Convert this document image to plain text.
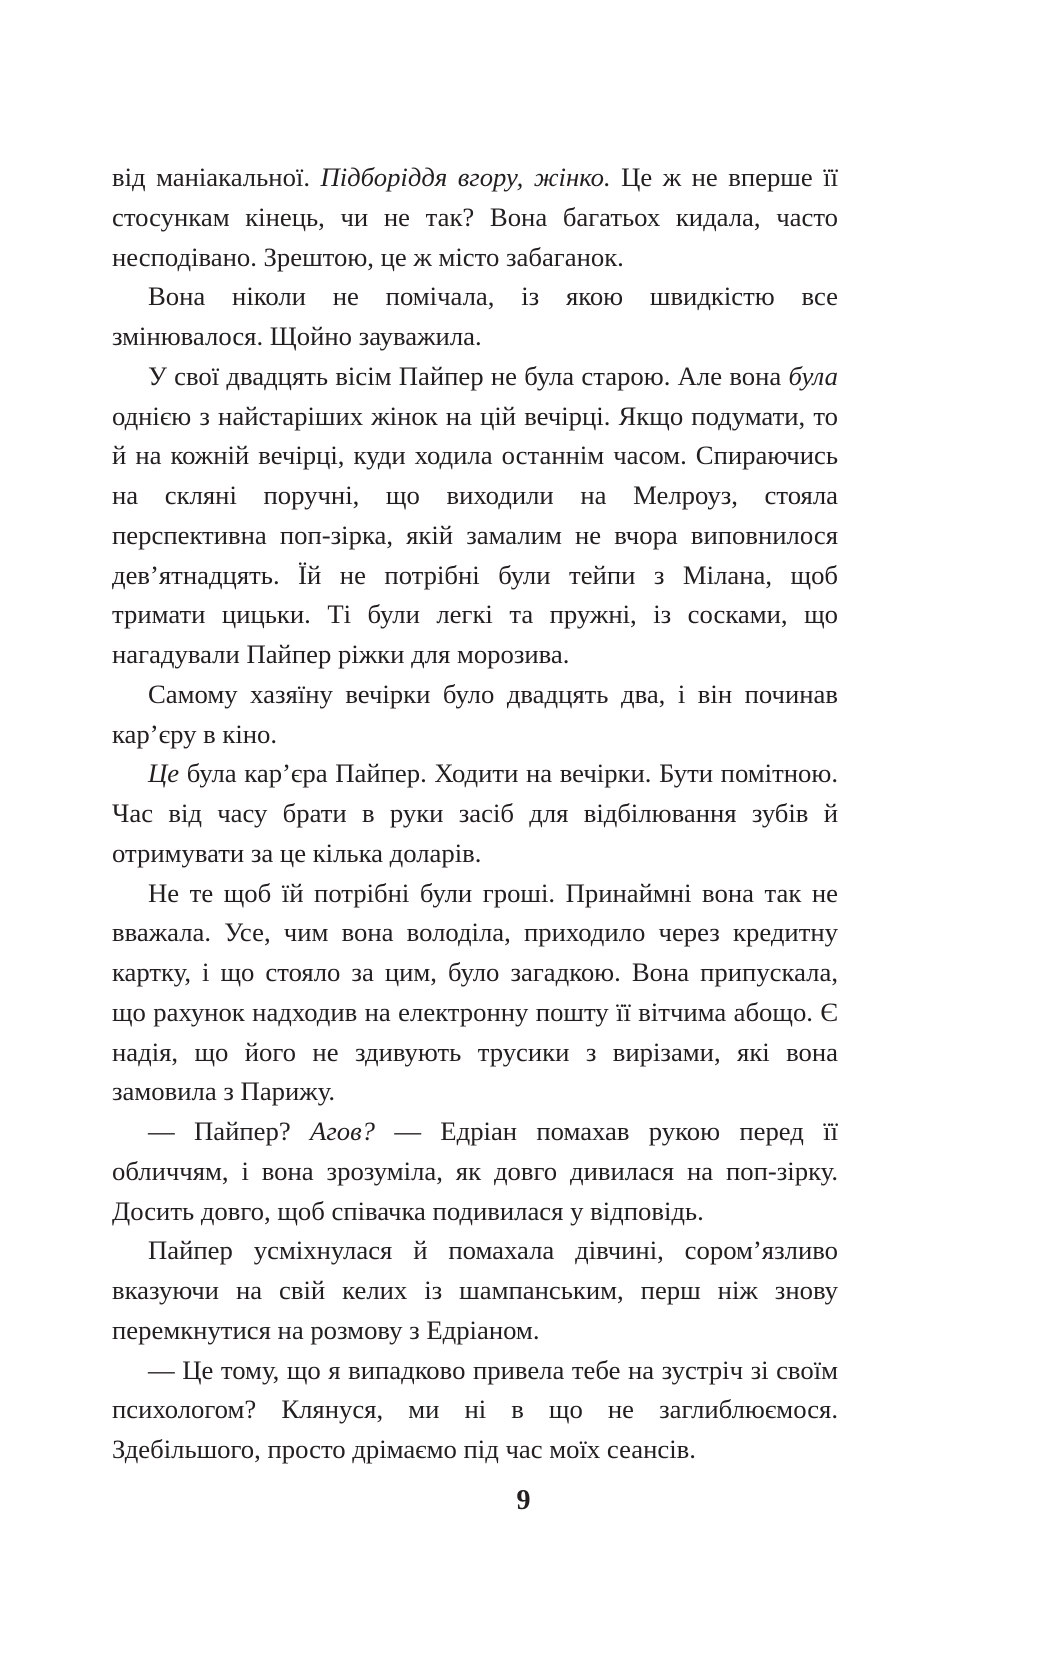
від маніакальної. Підборіддя вгору, жінко. Це ж не вперше її стосункам кінець, чи не так? Вона багатьох кидала, часто несподівано. Зрештою, це ж місто забаганок.

Вона ніколи не помічала, із якою швидкістю все змінювалося. Щойно зауважила.

У свої двадцять вісім Пайпер не була старою. Але вона була однією з найстаріших жінок на цій вечірці. Якщо подумати, то й на кожній вечірці, куди ходила останнім часом. Спираючись на скляні поручні, що виходили на Мелроуз, стояла перспективна поп-зірка, якій замалим не вчора виповнилося дев’ятнадцять. Їй не потрібні були тейпи з Мілана, щоб тримати цицьки. Ті були легкі та пружні, із сосками, що нагадували Пайпер ріжки для морозива.

Самому хазяїну вечірки було двадцять два, і він починав кар’єру в кіно.

Це була кар’єра Пайпер. Ходити на вечірки. Бути помітною. Час від часу брати в руки засіб для відбілювання зубів й отримувати за це кілька доларів.

Не те щоб їй потрібні були гроші. Принаймні вона так не вважала. Усе, чим вона володіла, приходило через кредитну картку, і що стояло за цим, було загадкою. Вона припускала, що рахунок надходив на електронну пошту її вітчима абощо. Є надія, що його не здивують трусики з вирізами, які вона замовила з Парижу.

— Пайпер? Агов? — Едріан помахав рукою перед її обличчям, і вона зрозуміла, як довго дивилася на поп-зірку. Досить довго, щоб співачка подивилася у відповідь.

Пайпер усміхнулася й помахала дівчині, сором’язливо вказуючи на свій келих із шампанським, перш ніж знову перемкнутися на розмову з Едріаном.

— Це тому, що я випадково привела тебе на зустріч зі своїм психологом? Клянуся, ми ні в що не заглиблюємося. Здебільшого, просто дрімаємо під час моїх сеансів.

9
